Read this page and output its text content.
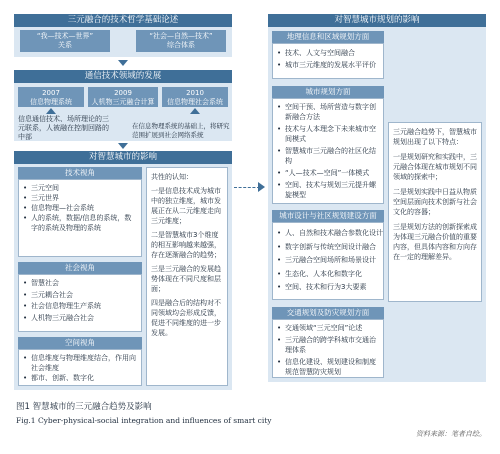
三元融合的技术哲学基础论述
“我—技术—世界”
关系
“社会—自然—技术”
综合体系
通信技术领域的发展
2007
信息物理系统
2009
人机物三元融合计算
2010
信息物理社会系统
信息通信技术、场所理论的三元联系，人被融在控制回路的中部
在信息物理系统的基础上，将研究范围扩展到社会网络系统
对智慧城市的影响
技术视角
• 三元空间
• 三元世界
• 信息物理—社会系统
• 人的系统，数据/信息的系统，数字的系统及物理的系统
社会视角
• 智慧社会
• 三元耦合社会
• 社会信息物理生产系统
• 人机物三元融合社会
空间视角
• 信息维度与物理维度结合，作用向社会维度
• 都市、创新、数字化
共性的认知：
一是信息技术成为城市中的独立维度，城市发展正在从二元维度走向三元维度；
二是智慧城市3个维度的相互影响越来越强，存在逐渐融合的趋势；
三是三元融合的发展趋势体现在不同尺度和层面；
四是融合后的结构对不同领域均会形成反馈，促进不同维度的进一步发展。
对智慧城市规划的影响
地理信息和区域规划方面
• 技术、人文与空间融合
• 城市三元维度的发展水平评价
城市规划方面
• 空间干预、场所营造与数字创新融合方法
• 技术与人本理念下未来城市空间模式
• 智慧城市三元融合的社区化结构
• “人—技术—空间”一体模式
• 空间、技术与规划三元提升螺旋模型
城市设计与社区规划建设方面
• 人、自然和技术融合参数化设计
• 数字创新与传统空间设计融合
• 三元融合空间场所和场景设计
• 生态化、人本化和数字化
• 空间、技术和行为3大要素
交通规划及防灾规划方面
• 交通领域“三元空间”论述
• 三元融合的跨学科城市交通治理体系
• 信息化建设、规划建设和制度规范智慧防灾规划
三元融合趋势下，智慧城市规划出现了以下特点：
一是规划研究和实践中，三元融合体现在城市规划不同领域的探索中；
二是规划实践中日益从物质空间层面向技术创新与社会文化的容器；
三是规划方法的创新探索成为体现三元融合价值的重要内容，但具体内容和方向存在一定的理解差异。
图1 智慧城市的三元融合趋势及影响
Fig.1 Cyber-physical-social integration and influences of smart city
资料来源：笔者自绘。
